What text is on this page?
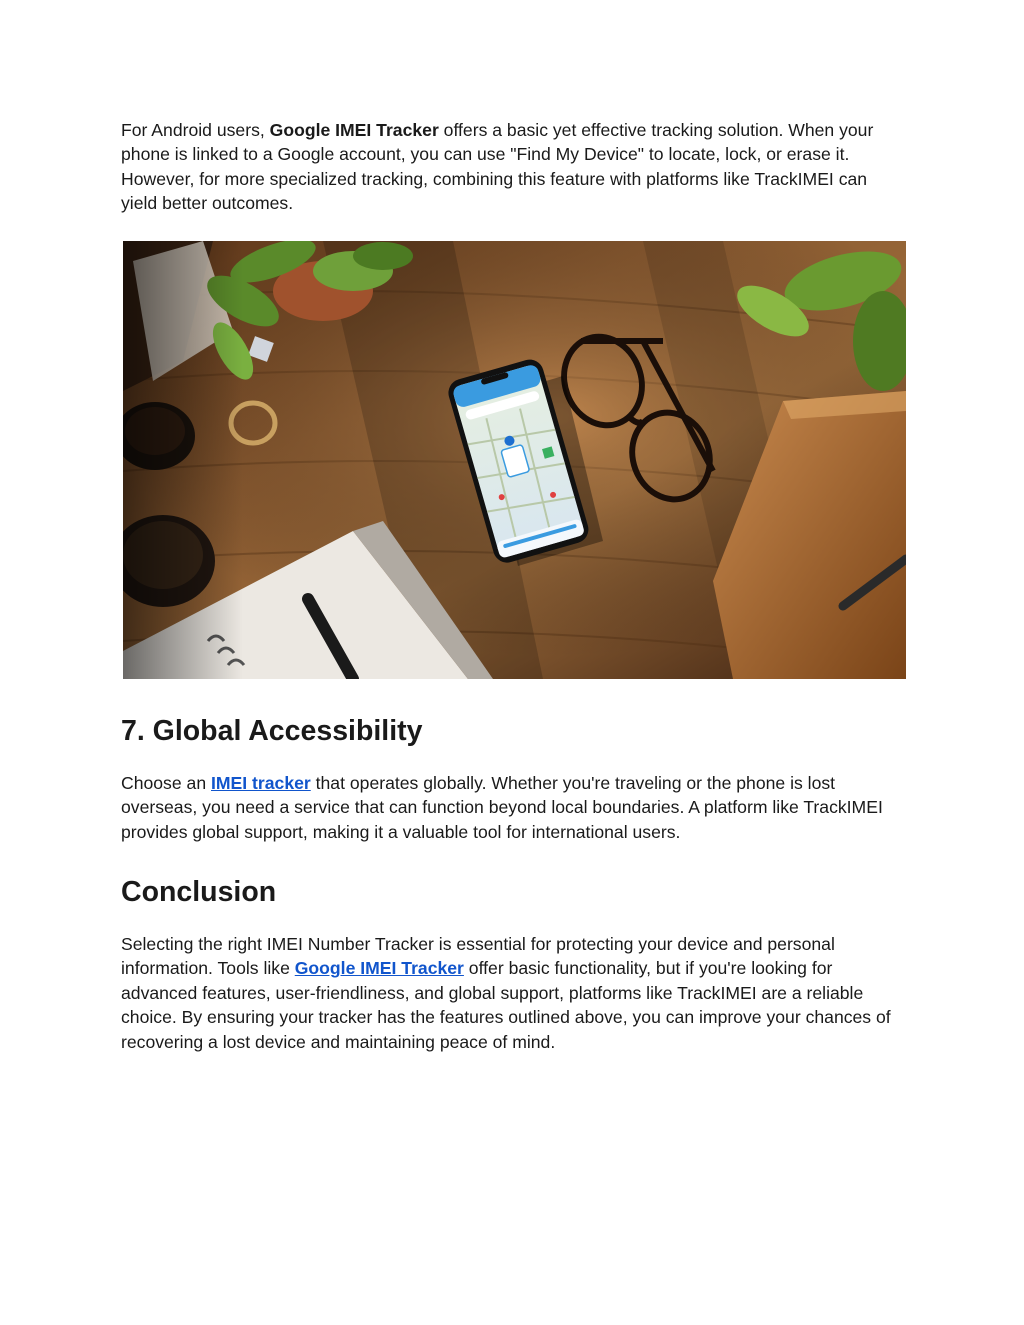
For Android users, Google IMEI Tracker offers a basic yet effective tracking solution. When your phone is linked to a Google account, you can use "Find My Device" to locate, lock, or erase it. However, for more specialized tracking, combining this feature with platforms like TrackIMEI can yield better outcomes.

7. Global Accessibility

Choose an IMEI tracker that operates globally. Whether you're traveling or the phone is lost overseas, you need a service that can function beyond local boundaries. A platform like TrackIMEI provides global support, making it a valuable tool for international users.

Conclusion

Selecting the right IMEI Number Tracker is essential for protecting your device and personal information. Tools like Google IMEI Tracker offer basic functionality, but if you're looking for advanced features, user-friendliness, and global support, platforms like TrackIMEI are a reliable choice. By ensuring your tracker has the features outlined above, you can improve your chances of recovering a lost device and maintaining peace of mind.
